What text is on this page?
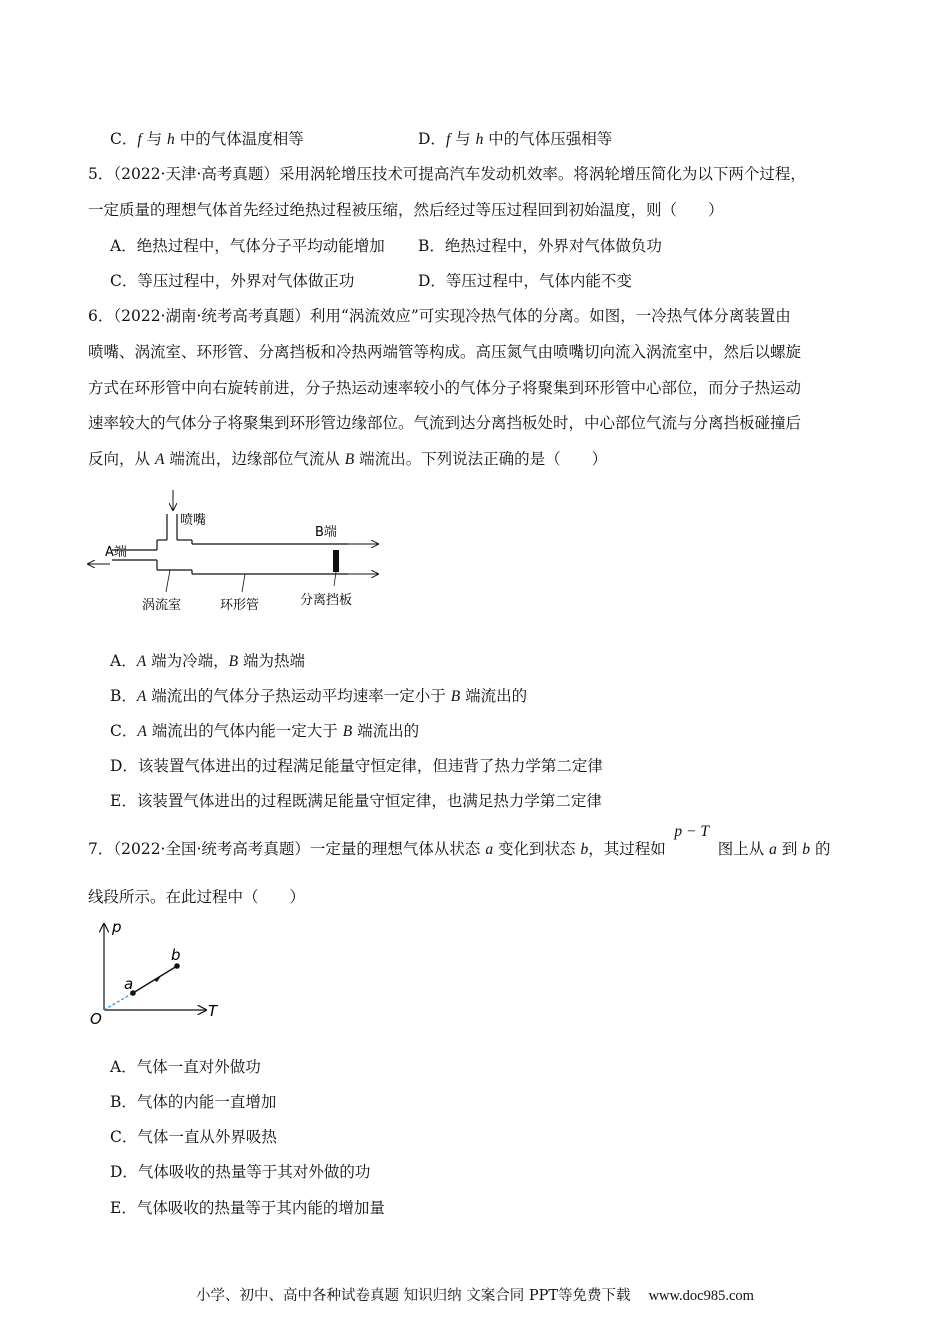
C．f 与 h 中的气体温度相等	D．f 与 h 中的气体压强相等
5．（2022·天津·高考真题）采用涡轮增压技术可提高汽车发动机效率。将涡轮增压简化为以下两个过程，
一定质量的理想气体首先经过绝热过程被压缩，然后经过等压过程回到初始温度，则（　　）
A．绝热过程中，气体分子平均动能增加 B．绝热过程中，外界对气体做负功
C．等压过程中，外界对气体做正功	D．等压过程中，气体内能不变
6．（2022·湖南·统考高考真题）利用“涡流效应”可实现冷热气体的分离。如图，一冷热气体分离装置由
喷嘴、涡流室、环形管、分离挡板和冷热两端管等构成。高压氮气由喷嘴切向流入涡流室中，然后以螺旋
方式在环形管中向右旋转前进，分子热运动速率较小的气体分子将聚集到环形管中心部位，而分子热运动
速率较大的气体分子将聚集到环形管边缘部位。气流到达分离挡板处时，中心部位气流与分离挡板碰撞后
反向，从 A 端流出，边缘部位气流从 B 端流出。下列说法正确的是（　　）
喷嘴
B端
A端
涡流室	环形管	分离挡板
A．A 端为冷端，B 端为热端
B．A 端流出的气体分子热运动平均速率一定小于 B 端流出的
C．A 端流出的气体内能一定大于 B 端流出的
D．该装置气体进出的过程满足能量守恒定律，但违背了热力学第二定律
E．该装置气体进出的过程既满足能量守恒定律，也满足热力学第二定律
7．（2022·全国·统考高考真题）一定量的理想气体从状态 a 变化到状态 b，其过程如p − T图上从 a 到 b 的
线段所示。在此过程中（　　）
p
T
O
a
b
A．气体一直对外做功
B．气体的内能一直增加
C．气体一直从外界吸热
D．气体吸收的热量等于其对外做的功
E．气体吸收的热量等于其内能的增加量
小学、初中、高中各种试卷真题 知识归纳 文案合同 PPT等免费下载 www.doc985.com
